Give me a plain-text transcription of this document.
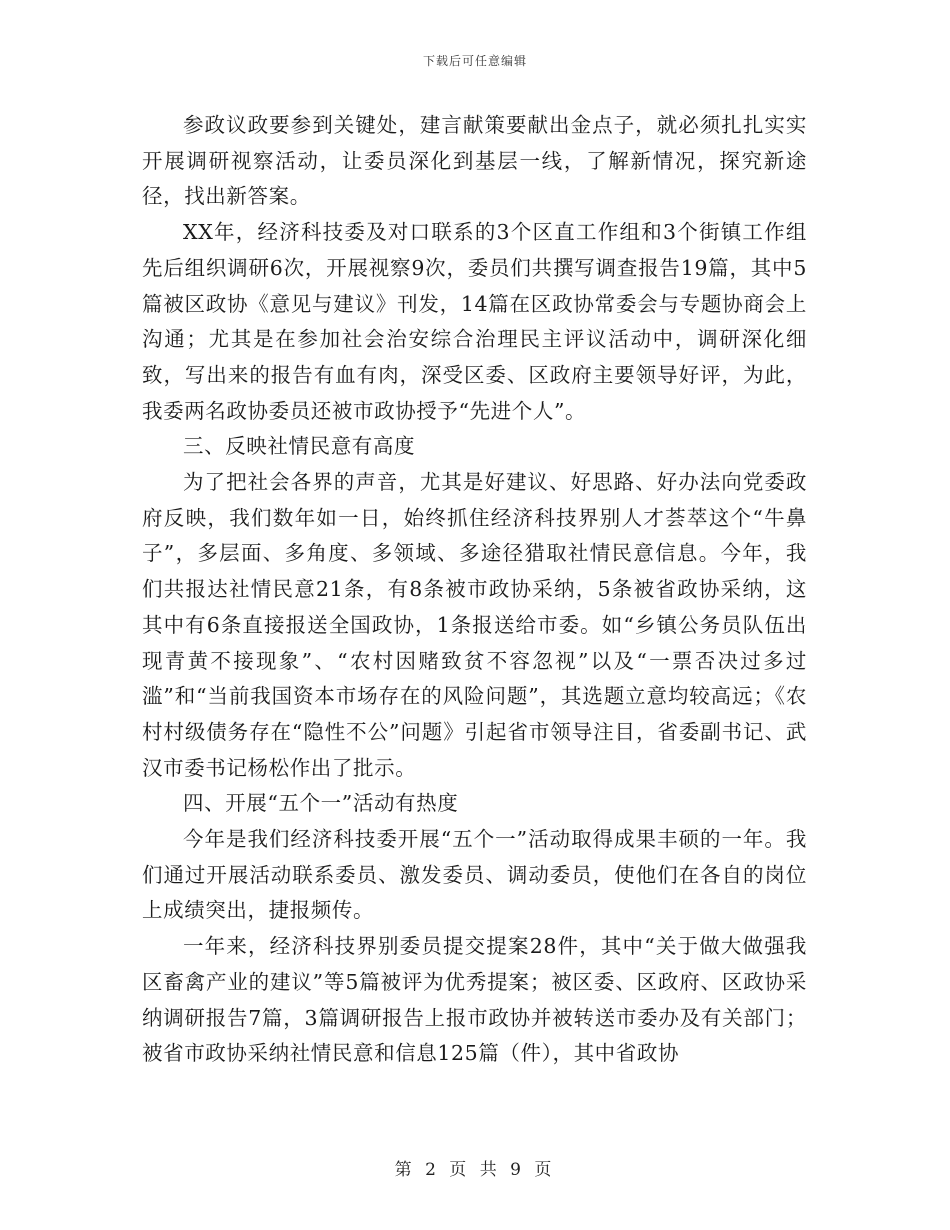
下载后可任意编辑

参政议政要参到关键处，建言献策要献出金点子，就必须扎扎实实开展调研视察活动，让委员深化到基层一线，了解新情况，探究新途径，找出新答案。

XX年，经济科技委及对口联系的3个区直工作组和3个街镇工作组先后组织调研6次，开展视察9次，委员们共撰写调查报告19篇，其中5篇被区政协《意见与建议》刊发，14篇在区政协常委会与专题协商会上沟通；尤其是在参加社会治安综合治理民主评议活动中，调研深化细致，写出来的报告有血有肉，深受区委、区政府主要领导好评，为此，我委两名政协委员还被市政协授予“先进个人”。

三、反映社情民意有高度

为了把社会各界的声音，尤其是好建议、好思路、好办法向党委政府反映，我们数年如一日，始终抓住经济科技界别人才荟萃这个“牛鼻子”，多层面、多角度、多领域、多途径猎取社情民意信息。今年，我们共报达社情民意21条，有8条被市政协采纳，5条被省政协采纳，这其中有6条直接报送全国政协，1条报送给市委。如“乡镇公务员队伍出现青黄不接现象”、“农村因赌致贫不容忽视”以及“一票否决过多过滥”和“当前我国资本市场存在的风险问题”，其选题立意均较高远；《农村村级债务存在“隐性不公”问题》引起省市领导注目，省委副书记、武汉市委书记杨松作出了批示。

四、开展“五个一”活动有热度

今年是我们经济科技委开展“五个一”活动取得成果丰硕的一年。我们通过开展活动联系委员、激发委员、调动委员，使他们在各自的岗位上成绩突出，捷报频传。

一年来，经济科技界别委员提交提案28件，其中“关于做大做强我区畜禽产业的建议”等5篇被评为优秀提案；被区委、区政府、区政协采纳调研报告7篇，3篇调研报告上报市政协并被转送市委办及有关部门；被省市政协采纳社情民意和信息125篇（件），其中省政协

第 2 页 共 9 页
